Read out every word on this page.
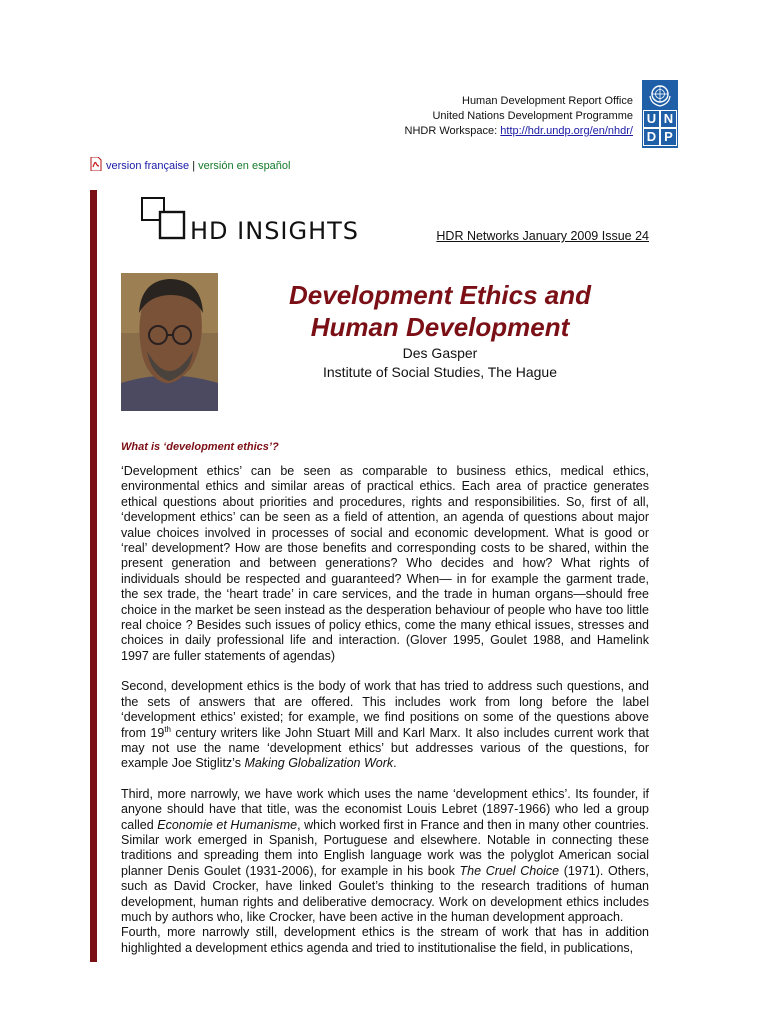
Human Development Report Office
United Nations Development Programme
NHDR Workspace: http://hdr.undp.org/en/nhdr/
U N
D P
version française | versión en español
HD INSIGHTS	HDR Networks January 2009 Issue 24
Development Ethics and
Human Development
Des Gasper
Institute of Social Studies, The Hague
What is ‘development ethics’?

‘Development ethics’ can be seen as comparable to business ethics, medical ethics, environmental ethics and similar areas of practical ethics. Each area of practice generates ethical questions about priorities and procedures, rights and responsibilities. So, first of all, ‘development ethics’ can be seen as a field of attention, an agenda of questions about major value choices involved in processes of social and economic development. What is good or ‘real’ development? How are those benefits and corresponding costs to be shared, within the present generation and between generations? Who decides and how? What rights of individuals should be respected and guaranteed? When— in for example the garment trade, the sex trade, the ‘heart trade’ in care services, and the trade in human organs—should free choice in the market be seen instead as the desperation behaviour of people who have too little real choice ? Besides such issues of policy ethics, come the many ethical issues, stresses and choices in daily professional life and interaction. (Glover 1995, Goulet 1988, and Hamelink 1997 are fuller statements of agendas)

Second, development ethics is the body of work that has tried to address such questions, and the sets of answers that are offered. This includes work from long before the label ‘development ethics’ existed; for example, we find positions on some of the questions above from 19th century writers like John Stuart Mill and Karl Marx. It also includes current work that may not use the name ‘development ethics’ but addresses various of the questions, for example Joe Stiglitz’s Making Globalization Work.

Third, more narrowly, we have work which uses the name ‘development ethics’. Its founder, if anyone should have that title, was the economist Louis Lebret (1897-1966) who led a group called Economie et Humanisme, which worked first in France and then in many other countries. Similar work emerged in Spanish, Portuguese and elsewhere. Notable in connecting these traditions and spreading them into English language work was the polyglot American social planner Denis Goulet (1931-2006), for example in his book The Cruel Choice (1971). Others, such as David Crocker, have linked Goulet’s thinking to the research traditions of human development, human rights and deliberative democracy. Work on development ethics includes much by authors who, like Crocker, have been active in the human development approach.

Fourth, more narrowly still, development ethics is the stream of work that has in addition highlighted a development ethics agenda and tried to institutionalise the field, in publications,
